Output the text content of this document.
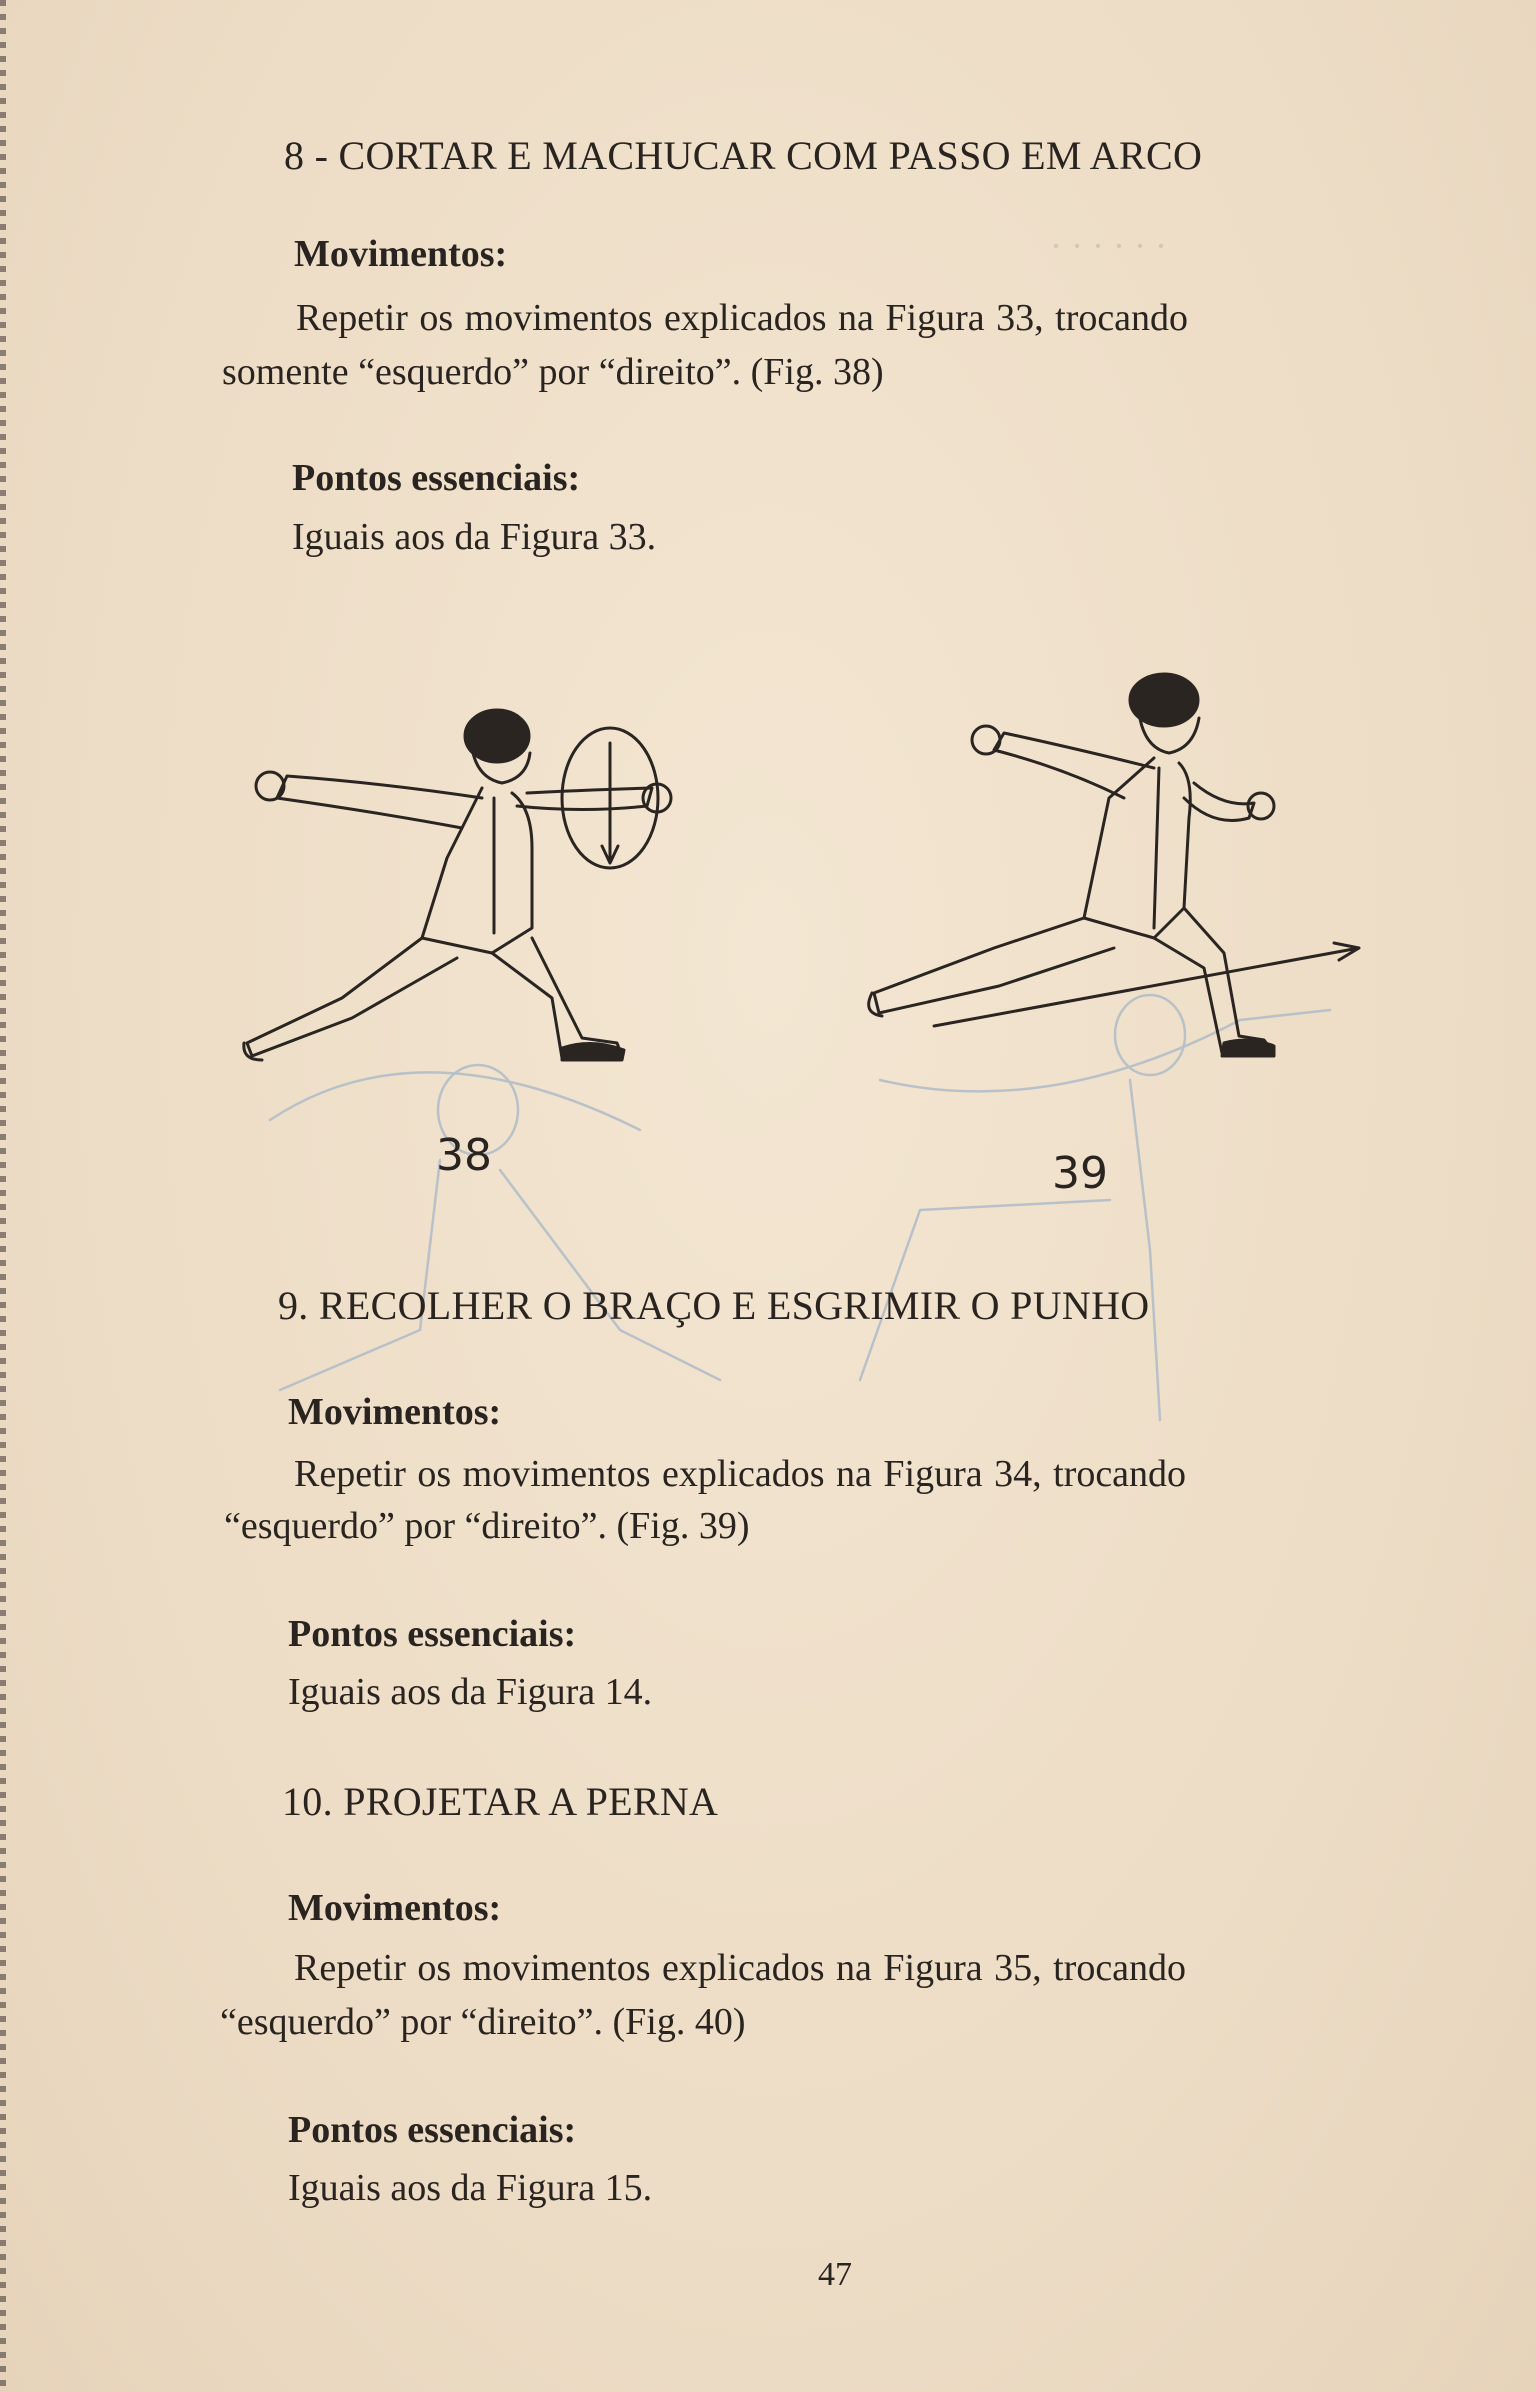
· · · · · ·
8 - CORTAR E MACHUCAR COM PASSO EM ARCO
Movimentos:
Repetir os movimentos explicados na Figura 33, trocando
somente “esquerdo” por “direito”. (Fig. 38)
Pontos essenciais:
Iguais aos da Figura 33.
38	39
9. RECOLHER O BRAÇO E ESGRIMIR O PUNHO
Movimentos:
Repetir os movimentos explicados na Figura 34, trocando
“esquerdo” por “direito”. (Fig. 39)
Pontos essenciais:
Iguais aos da Figura 14.
10. PROJETAR A PERNA
Movimentos:
Repetir os movimentos explicados na Figura 35, trocando
“esquerdo” por “direito”. (Fig. 40)
Pontos essenciais:
Iguais aos da Figura 15.
47
